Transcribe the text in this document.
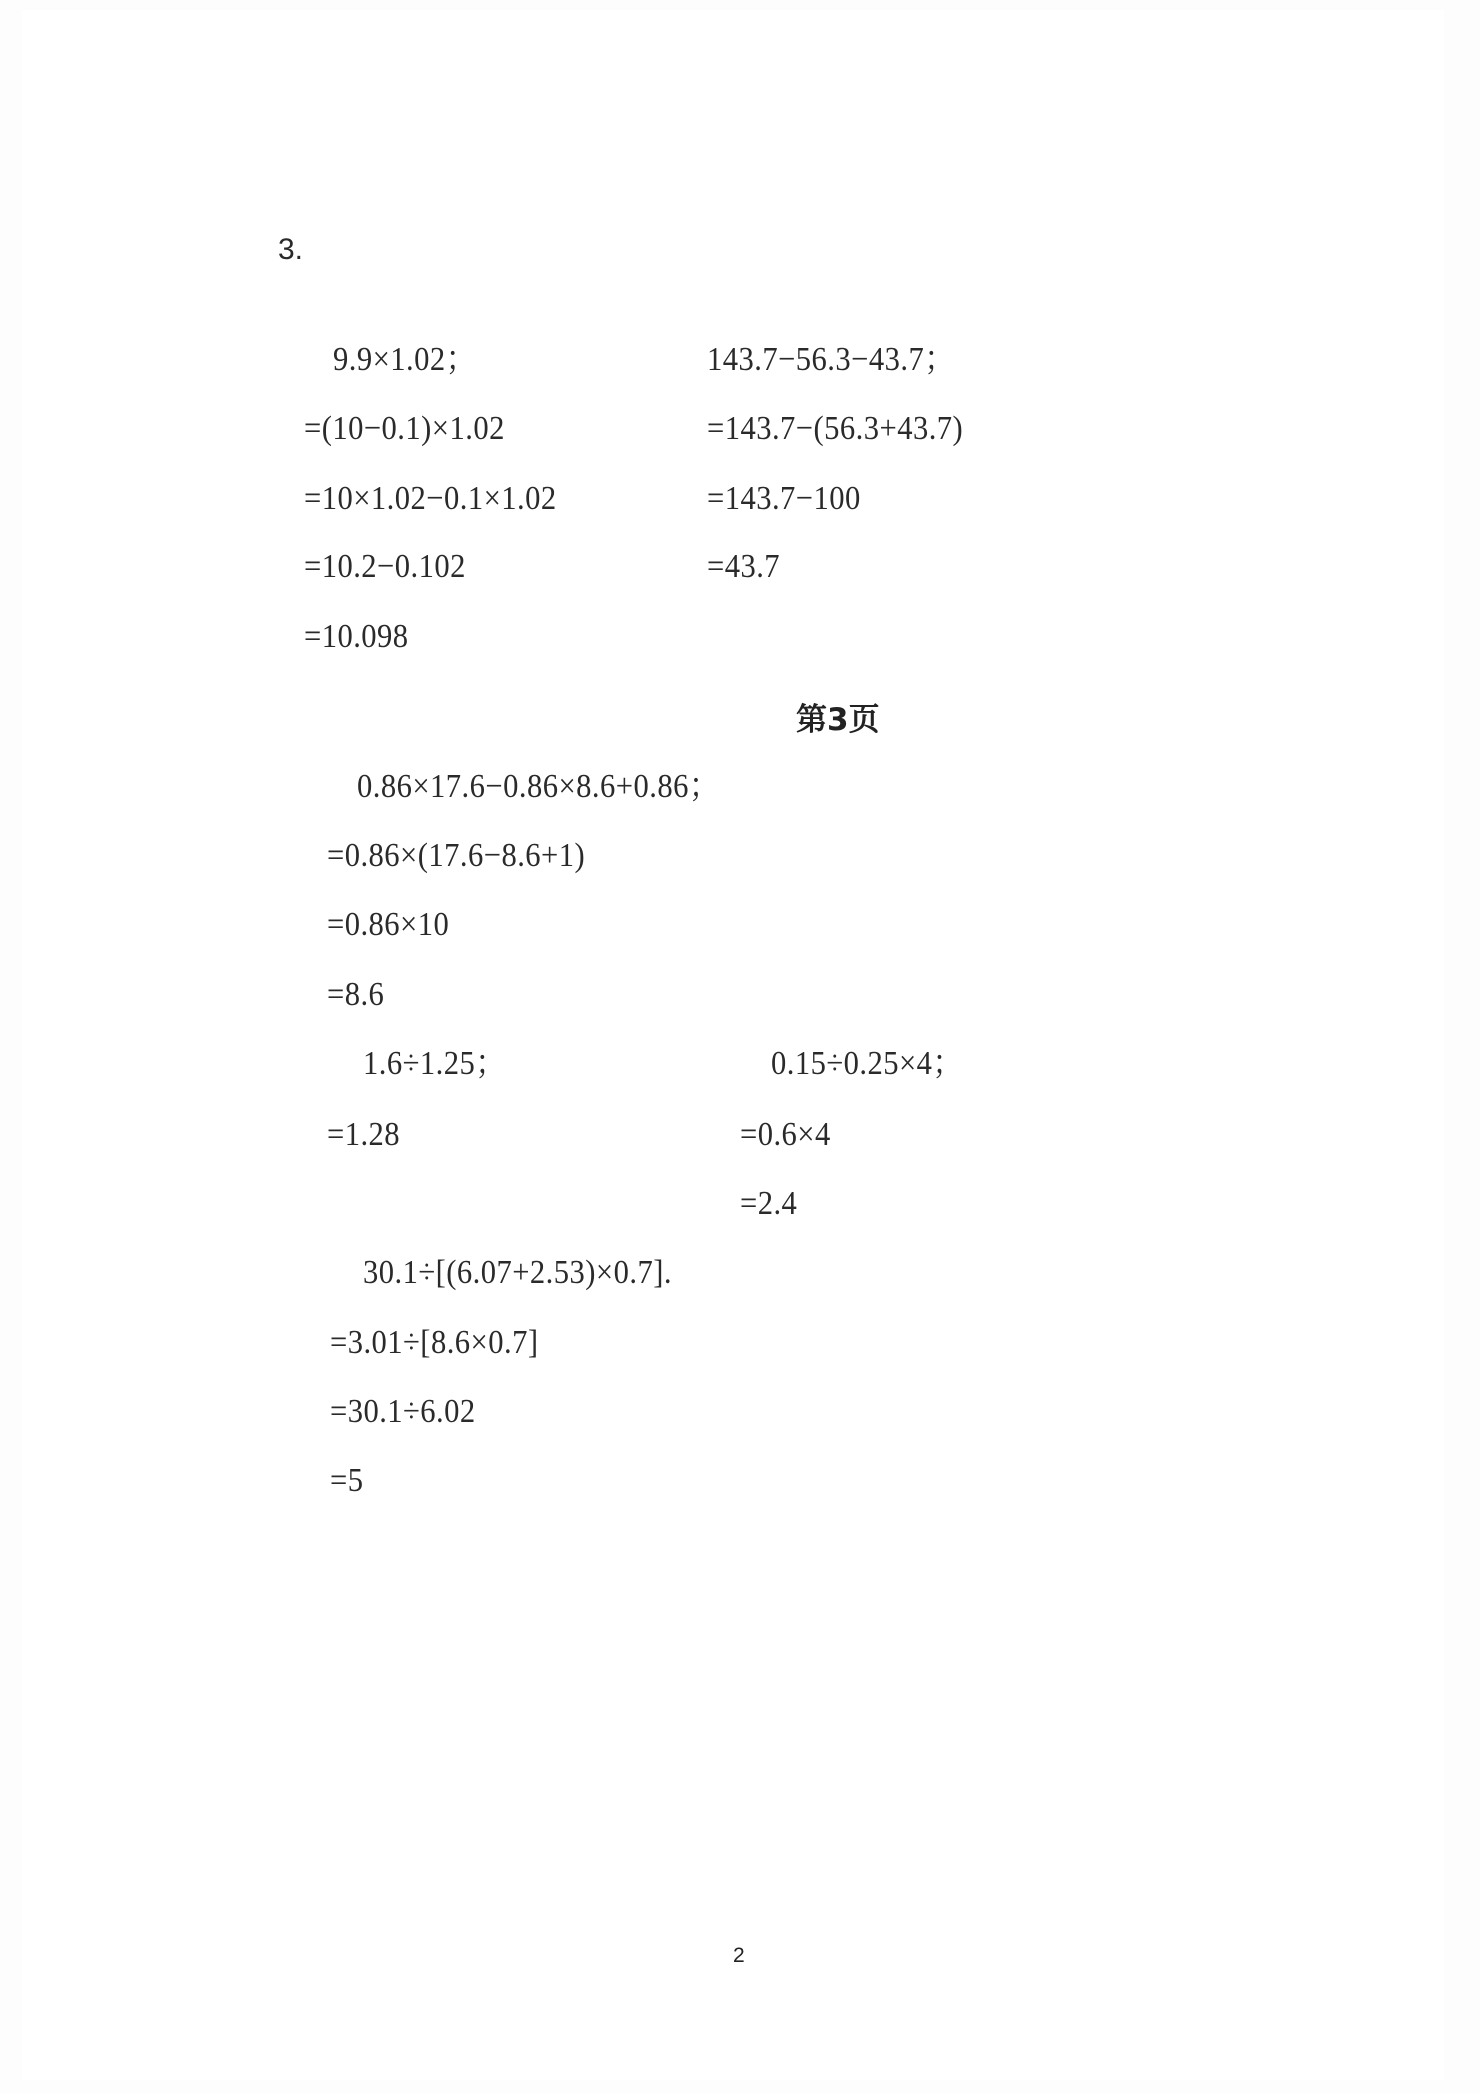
3.
9.9×1.02；
=(10−0.1)×1.02
=10×1.02−0.1×1.02
=10.2−0.102
=10.098
143.7−56.3−43.7；
=143.7−(56.3+43.7)
=143.7−100
=43.7
第3页
0.86×17.6−0.86×8.6+0.86；
=0.86×(17.6−8.6+1)
=0.86×10
=8.6
1.6÷1.25；
=1.28
0.15÷0.25×4；
=0.6×4
=2.4
30.1÷[(6.07+2.53)×0.7].
=3.01÷[8.6×0.7]
=30.1÷6.02
=5
2
